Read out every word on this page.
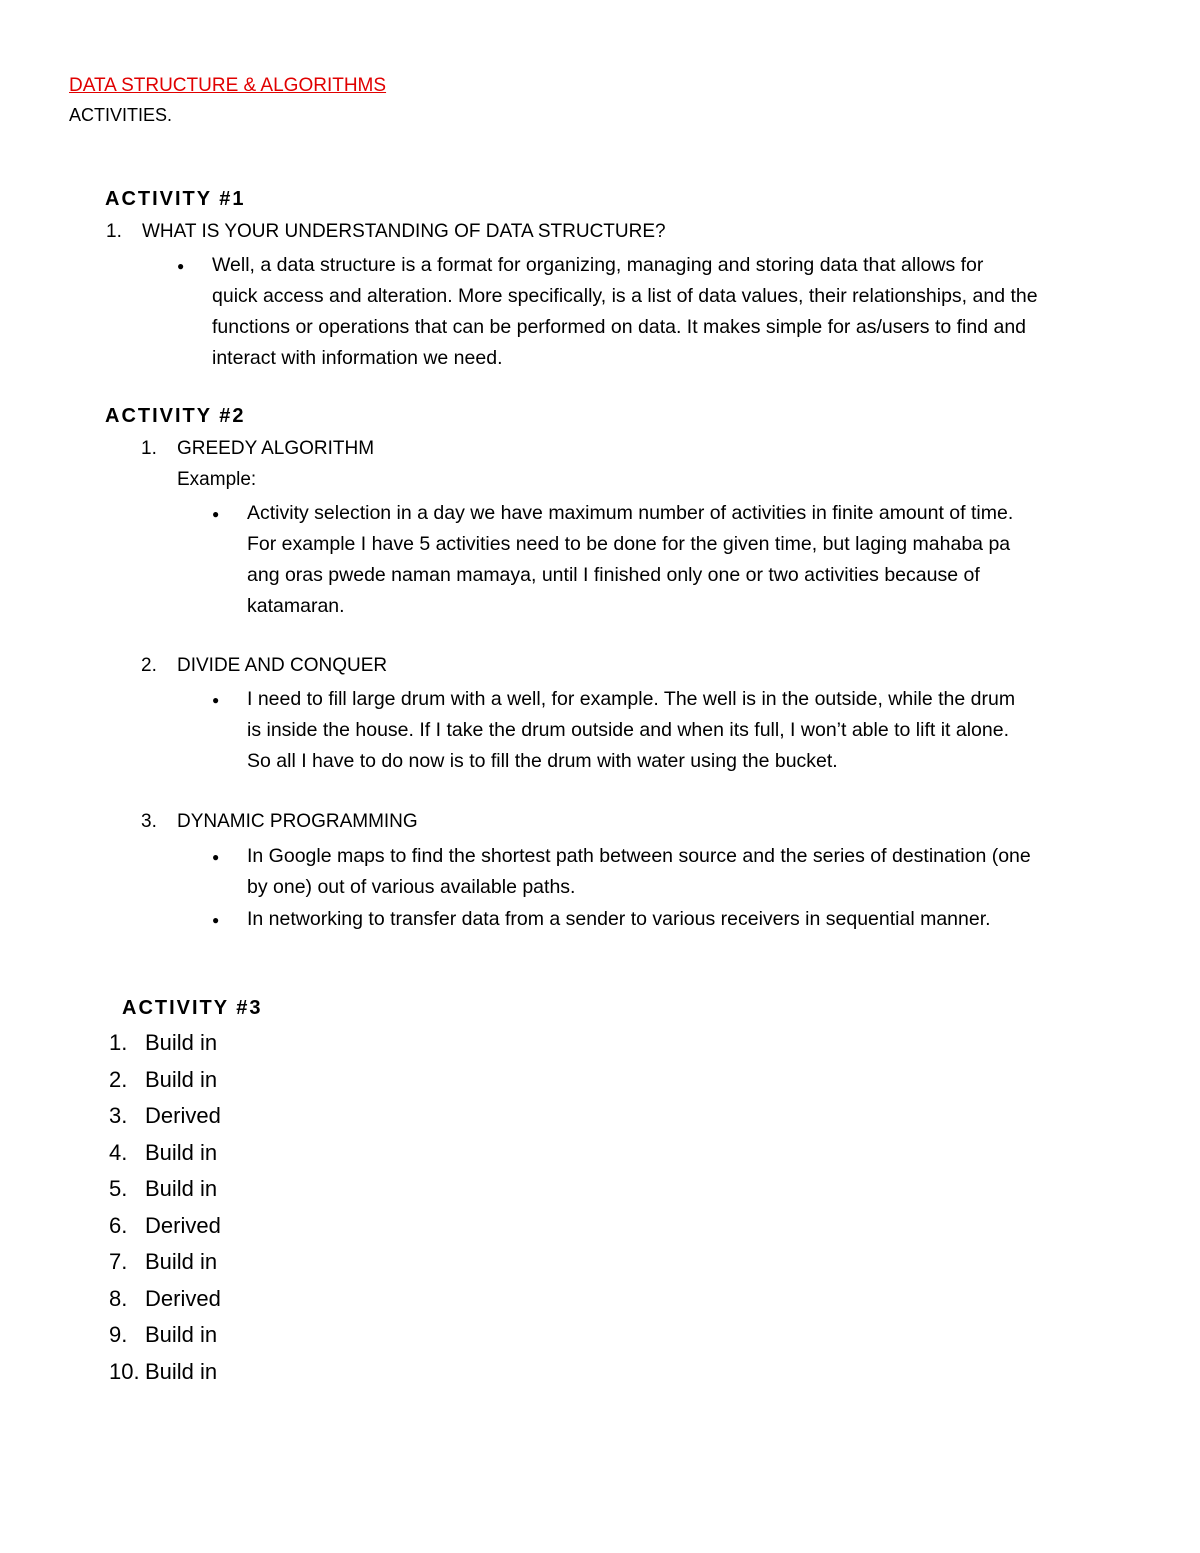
DATA STRUCTURE & ALGORITHMS
ACTIVITIES.
ACTIVITY #1
1. WHAT IS YOUR UNDERSTANDING OF DATA STRUCTURE?
● Well, a data structure is a format for organizing, managing and storing data that allows for
quick access and alteration. More specifically, is a list of data values, their relationships, and the
functions or operations that can be performed on data. It makes simple for as/users to find and
interact with information we need.
ACTIVITY #2
1. GREEDY ALGORITHM
Example:
● Activity selection in a day we have maximum number of activities in finite amount of time.
For example I have 5 activities need to be done for the given time, but laging mahaba pa
ang oras pwede naman mamaya, until I finished only one or two activities because of
katamaran.
2. DIVIDE AND CONQUER
● I need to fill large drum with a well, for example. The well is in the outside, while the drum
is inside the house. If I take the drum outside and when its full, I won’t able to lift it alone.
So all I have to do now is to fill the drum with water using the bucket.
3. DYNAMIC PROGRAMMING
● In Google maps to find the shortest path between source and the series of destination (one
by one) out of various available paths.
● In networking to transfer data from a sender to various receivers in sequential manner.
ACTIVITY #3
1. Build in
2. Build in
3. Derived
4. Build in
5. Build in
6. Derived
7. Build in
8. Derived
9. Build in
10. Build in
